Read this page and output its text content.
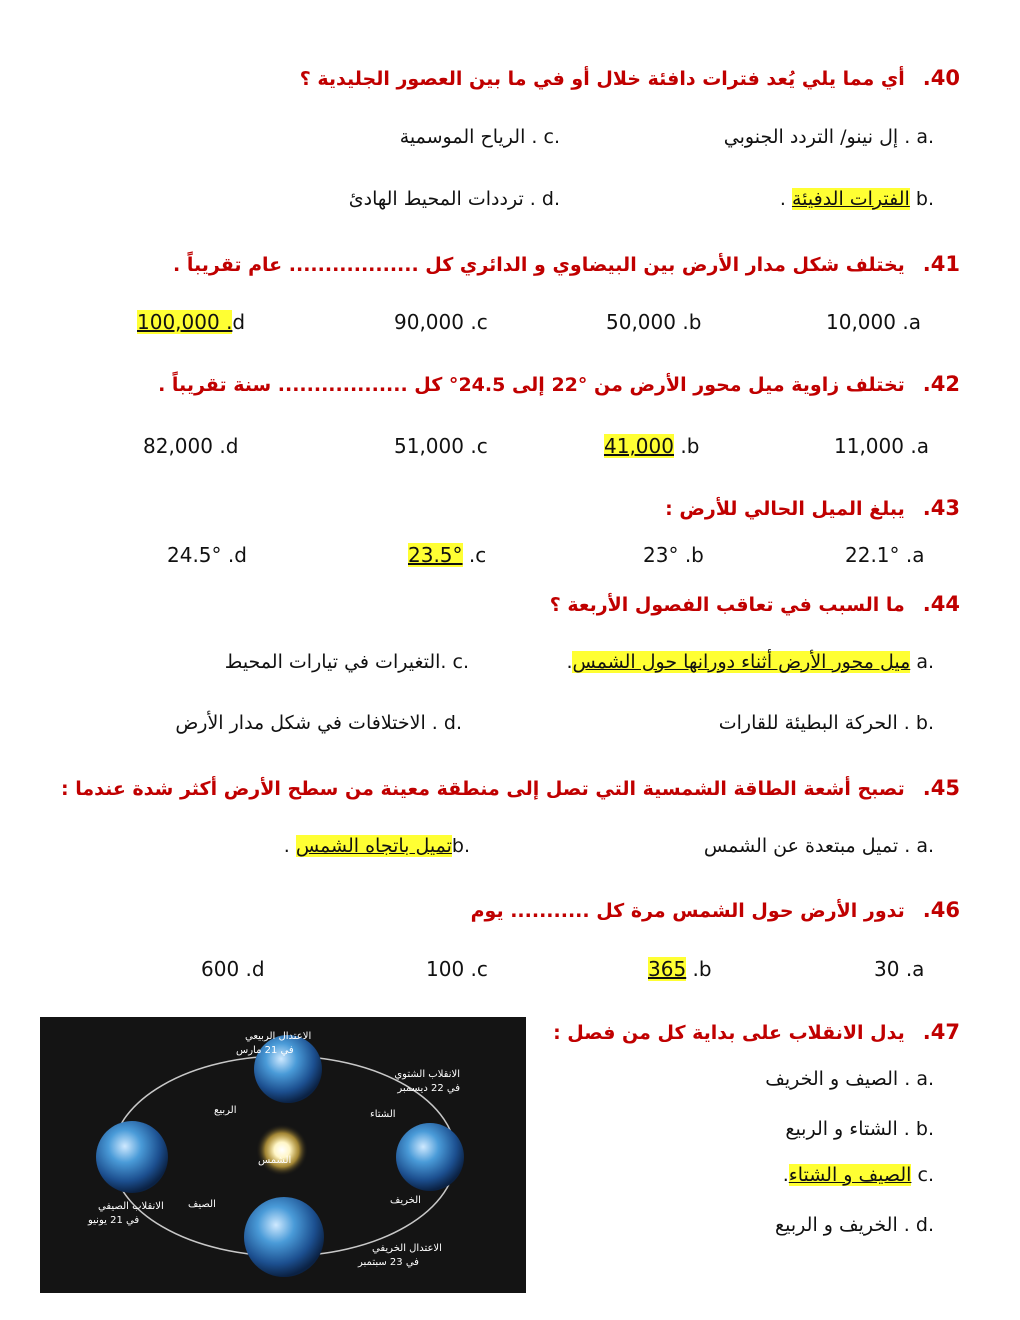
40.أي مما يلي يُعد فترات دافئة خلال أو في ما بين العصور الجليدية ؟
إل نينو/ التردد الجنوبي . a.
الرياح الموسمية . c.
. الفترات الدفيئة b.
ترددات المحيط الهادئ . d.
41.يختلف شكل مدار الأرض بين البيضاوي و الدائري كل .................. عام تقريباً .
10,000 .a
50,000 .b
90,000 .c
100,000 .d
42.تختلف زاوية ميل محور الأرض من °22 إلى 24.5° كل .................. سنة تقريباً .
11,000 .a
41,000 .b
51,000 .c
82,000 .d
43.يبلغ الميل الحالي للأرض :
22.1° .a
23° .b
23.5° .c
24.5° .d
44.ما السبب في تعاقب الفصول الأربعة ؟
.ميل محور الأرض أثناء دورانها حول الشمس a.
التغيرات في تيارات المحيط. c.
الحركة البطيئة للقارات . b.
الاختلافات في شكل مدار الأرض . d.
45.تصبح أشعة الطاقة الشمسية التي تصل إلى منطقة معينة من سطح الأرض أكثر شدة عندما :
تميل مبتعدة عن الشمس . a.
. تميل باتجاه الشمسb.
46.تدور الأرض حول الشمس مرة كل ........... يوم
30 .a
365 .b
100 .c
600 .d
47.يدل الانقلاب على بداية كل من فصل :
الصيف و الخريف . a.
الشتاء و الربيع . b.
.الصيف و الشتاء c.
الخريف و الربيع . d.
الاعتدال الربيعي
في 21 مارس
الانقلاب الشتوي
في 22 ديسمبر
الانقلاب الصيفي
في 21 يونيو
الاعتدال الخريفي
في 23 سبتمبر
الشمس
الربيع	الشتاء
الصيف	الخريف
